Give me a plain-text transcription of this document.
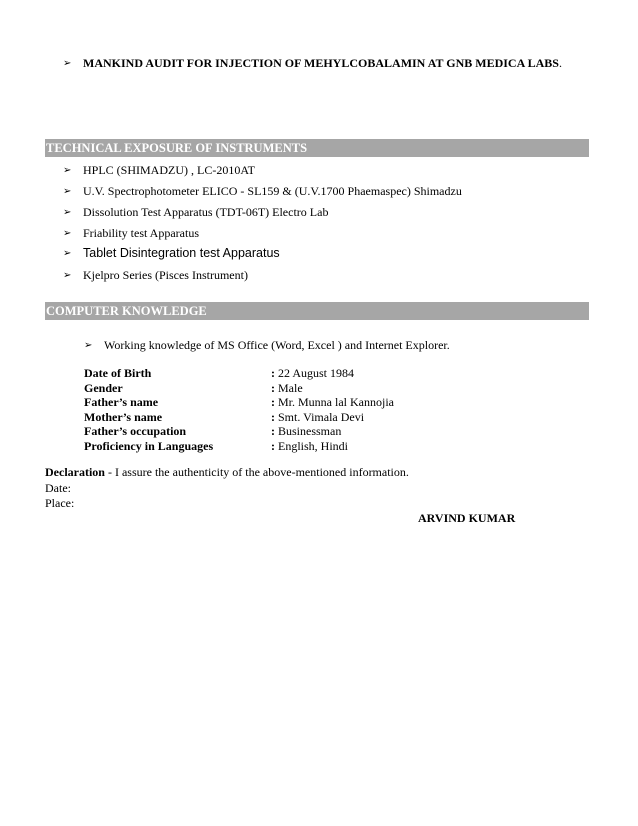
➢ MANKIND AUDIT FOR INJECTION OF MEHYLCOBALAMIN AT GNB MEDICA LABS .
TECHNICAL EXPOSURE OF INSTRUMENTS
➢ HPLC (SHIMADZU) , LC-2010AT
➢ U.V. Spectrophotometer ELICO - SL159 & (U.V.1700 Phaemaspec) Shimadzu
➢ Dissolution Test Apparatus (TDT-06T) Electro Lab
➢ Friability test Apparatus
➢ Tablet Disintegration test Apparatus
➢ Kjelpro Series (Pisces Instrument)
COMPUTER KNOWLEDGE
➢ Working knowledge of MS Office (Word, Excel ) and Internet Explorer.
Date of Birth	: 22 August 1984
Gender	: Male
Father’s name	: Mr. Munna lal Kannojia
Mother’s name	: Smt. Vimala Devi
Father’s occupation	: Businessman
Proficiency in Languages	: English, Hindi
Declaration - I assure the authenticity of the above-mentioned information.
Date:
Place:
ARVIND KUMAR
